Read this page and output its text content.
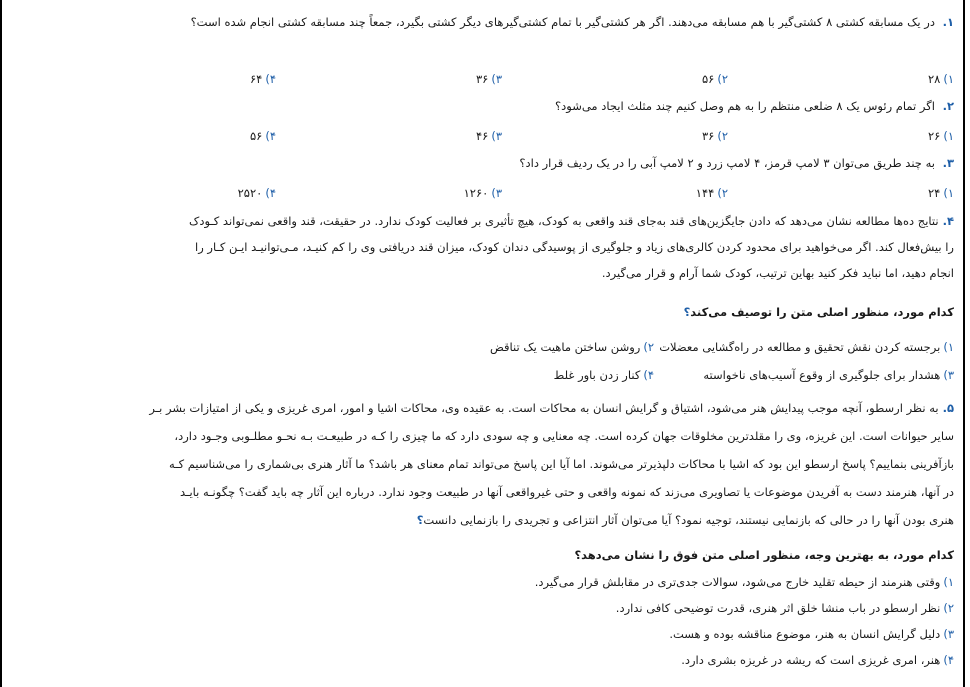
۱. در یک مسابقه کشتی ۸ کشتی‌گیر با هم مسابقه می‌دهند. اگر هر کشتی‌گیر با تمام کشتی‌گیرهای دیگر کشتی بگیرد، جمعاً چند مسابقه کشتی انجام شده است؟
۱)۲۸
۲)۵۶
۳)۳۶
۴)۶۴
۲. اگر تمام رئوس یک ۸ ضلعی منتظم را به هم وصل کنیم چند مثلث ایجاد می‌شود؟
۱)۲۶
۲)۳۶
۳)۴۶
۴)۵۶
۳. به چند طریق می‌توان ۳ لامپ قرمز، ۴ لامپ زرد و ۲ لامپ آبی را در یک ردیف قرار داد؟
۱)۲۴
۲)۱۴۴
۳)۱۲۶۰
۴)۲۵۲۰
۴.نتایج ده‌ها مطالعه نشان می‌دهد که دادن جایگزین‌های قند به‌جای قند واقعی به کودک، هیچ تأثیری بر فعالیت کودک ندارد. در حقیقت، قند واقعی نمی‌تواند کـودک
را بیش‌فعال کند. اگر می‌خواهید برای محدود کردن کالری‌های زیاد و جلوگیری از پوسیدگی دندان کودک، میزان قند دریافتی وی را کم کنیـد، مـی‌توانیـد ایـن کـار را
انجام دهید، اما نباید فکر کنید بهاین ترتیب، کودک شما آرام و قرار می‌گیرد.
کدام مورد، منظور اصلی متن را توصیف می‌کند؟
۱)برجسته کردن نقش تحقیق و مطالعه در راه‌گشایی معضلات
۲)روشن ساختن ماهیت یک تناقض
۳)هشدار برای جلوگیری از وقوع آسیب‌های ناخواسته
۴)کنار زدن باور غلط
۵.به نظر ارسطو، آنچه موجب پیدایش هنر می‌شود، اشتیاق و گرایش انسان به محاکات است. به عقیده وی، محاکات اشیا و امور، امری غریزی و یکی از امتیازات بشر بـر
سایر حیوانات است. این غریزه، وی را مقلدترین مخلوقات جهان کرده است. چه معنایی و چه سودی دارد که ما چیزی را کـه در طبیعـت بـه نحـو مطلـوبی وجـود دارد،
بازآفرینی بنماییم؟ پاسخ ارسطو این بود که اشیا با محاکات دلپذیرتر می‌شوند. اما آیا این پاسخ می‌تواند تمام معنای هر باشد؟ ما آثار هنری بی‌شماری را می‌شناسیم کـه
در آنها، هنرمند دست به آفریدن موضوعات یا تصاویری می‌زند که نمونه واقعی و حتی غیرواقعی آنها در طبیعت وجود ندارد. درباره این آثار چه باید گفت؟ چگونـه بایـد
هنری بودن آنها را در حالی که بازنمایی نیستند، توجیه نمود؟ آیا می‌توان آثار انتزاعی و تجریدی را بازنمایی دانست؟
کدام مورد، به بهترین وجه، منظور اصلی متن فوق را نشان می‌دهد؟
۱)وقتی هنرمند از حیطه تقلید خارج می‌شود، سوالات جدی‌تری در مقابلش قرار می‌گیرد.
۲)نظر ارسطو در باب منشا خلق اثر هنری، قدرت توضیحی کافی ندارد.
۳)دلیل گرایش انسان به هنر، موضوع مناقشه بوده و هست.
۴)هنر، امری غریزی است که ریشه در غریزه بشری دارد.
